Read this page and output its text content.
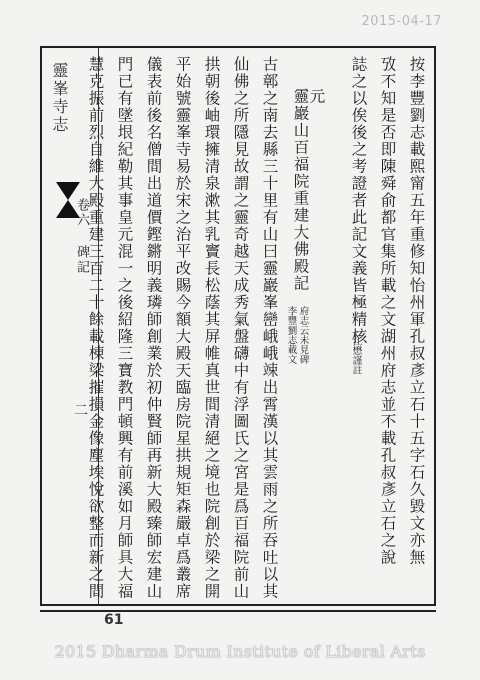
2015-04-17
靈峯寺志
卷六 碑記
二	按李豐劉志載熙甯五年重修知怡州軍孔叔彥立石十五字石久毀文亦無
攷不知是否即陳舜俞都官集所載之文湖州府志並不載孔叔彥立石之說
誌之以俟後之考證者此記文義皆極精核
江懋謹註
元
靈巖山百福院重建大佛殿記
府志云未見碑
李豐劉志載文
古鄣之南去縣三十里有山曰靈巖峯巒峨峨竦出霄漢以其雲雨之所吞吐以其
仙佛之所隱見故謂之靈奇越天成秀氣盤礴中有浮圖氏之宮是爲百福院前山
拱朝後岫環擁清泉漱其乳竇長松蔭其屏帷真世間清絕之境也院創於梁之開
平始號靈峯寺易於宋之治平改賜今額大殿天臨房院星拱規矩森嚴卓爲叢席
儀表前後名僧間出道價鏗鏘明義璘師創業於初仲賢師再新大殿臻師宏建山
門已有墜垠紀勒其事皇元混一之後紹隆三寶教門頓興有前溪如月師具大福
慧克振前烈自維大殿重建三百二十餘載棟梁摧損金像塵埃悅欲整而新之間
61
2015 Dharma Drum Institute of Liberal Arts
